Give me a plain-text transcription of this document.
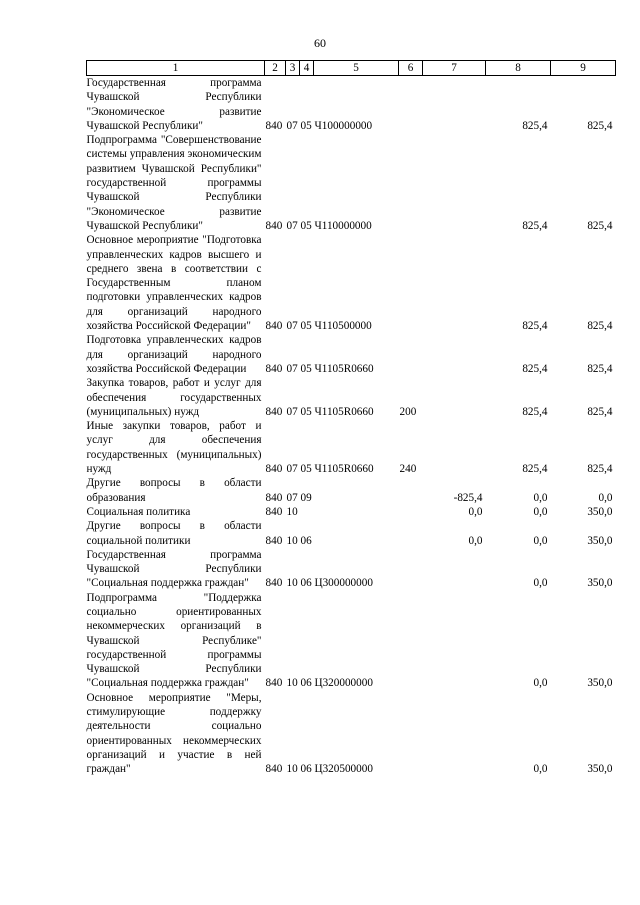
60
1	2	3	4	5	6	7	8	9
Государственная программа Чувашской Республики "Экономическое развитие Чувашской Республики"	840	07	05	Ч100000000			825,4	825,4
Подпрограмма "Совершенствование системы управления экономическим развитием Чувашской Республики" государственной программы Чувашской Республики "Экономическое развитие Чувашской Республики"	840	07	05	Ч110000000			825,4	825,4
Основное мероприятие "Подготовка управленческих кадров высшего и среднего звена в соответствии с Государственным планом подготовки управленческих кадров для организаций народного хозяйства Российской Федерации"	840	07	05	Ч110500000			825,4	825,4
Подготовка управленческих кадров для организаций народного хозяйства Российской Федерации	840	07	05	Ч1105R0660			825,4	825,4
Закупка товаров, работ и услуг для обеспечения государственных (муниципальных) нужд	840	07	05	Ч1105R0660	200		825,4	825,4
Иные закупки товаров, работ и услуг для обеспечения государственных (муниципальных) нужд	840	07	05	Ч1105R0660	240		825,4	825,4
Другие вопросы в области образования	840	07	09			-825,4	0,0	0,0
Социальная политика	840	10				0,0	0,0	350,0
Другие вопросы в области социальной политики	840	10	06			0,0	0,0	350,0
Государственная программа Чувашской Республики "Социальная поддержка граждан"	840	10	06	Ц300000000			0,0	350,0
Подпрограмма "Поддержка социально ориентированных некоммерческих организаций в Чувашской Республике" государственной программы Чувашской Республики "Социальная поддержка граждан"	840	10	06	Ц320000000			0,0	350,0
Основное мероприятие "Меры, стимулирующие поддержку деятельности социально ориентированных некоммерческих организаций и участие в ней граждан"	840	10	06	Ц320500000			0,0	350,0
